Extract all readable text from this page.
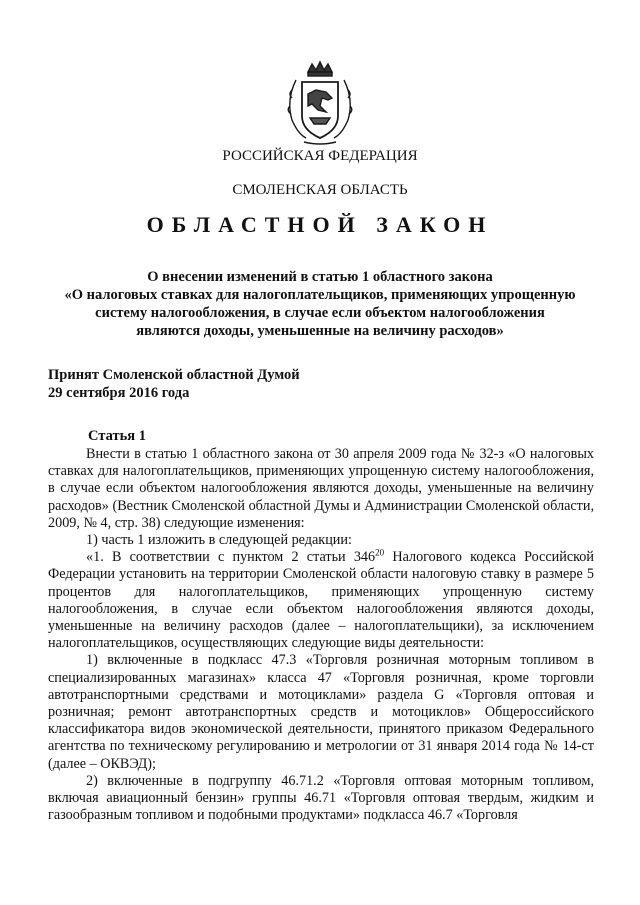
РОССИЙСКАЯ ФЕДЕРАЦИЯ
СМОЛЕНСКАЯ ОБЛАСТЬ
ОБЛАСТНОЙ ЗАКОН
О внесении изменений в статью 1 областного закона
«О налоговых ставках для налогоплательщиков, применяющих упрощенную
систему налогообложения, в случае если объектом налогообложения
являются доходы, уменьшенные на величину расходов»
Принят Смоленской областной Думой
29 сентября 2016 года
Статья 1

Внести в статью 1 областного закона от 30 апреля 2009 года № 32-з «О налоговых ставках для налогоплательщиков, применяющих упрощенную систему налогообложения, в случае если объектом налогообложения являются доходы, уменьшенные на величину расходов» (Вестник Смоленской областной Думы и Администрации Смоленской области, 2009, № 4, стр. 38) следующие изменения:

1) часть 1 изложить в следующей редакции:

«1. В соответствии с пунктом 2 статьи $346^{20}$ Налогового кодекса Российской Федерации установить на территории Смоленской области налоговую ставку в размере 5 процентов для налогоплательщиков, применяющих упрощенную систему налогообложения, в случае если объектом налогообложения являются доходы, уменьшенные на величину расходов (далее – налогоплательщики), за исключением налогоплательщиков, осуществляющих следующие виды деятельности:

1) включенные в подкласс 47.3 «Торговля розничная моторным топливом в специализированных магазинах» класса 47 «Торговля розничная, кроме торговли автотранспортными средствами и мотоциклами» раздела G «Торговля оптовая и розничная; ремонт автотранспортных средств и мотоциклов» Общероссийского классификатора видов экономической деятельности, принятого приказом Федерального агентства по техническому регулированию и метрологии от 31 января 2014 года № 14-ст (далее – ОКВЭД);

2) включенные в подгруппу 46.71.2 «Торговля оптовая моторным топливом, включая авиационный бензин» группы 46.71 «Торговля оптовая твердым, жидким и газообразным топливом и подобными продуктами» подкласса 46.7 «Торговля
